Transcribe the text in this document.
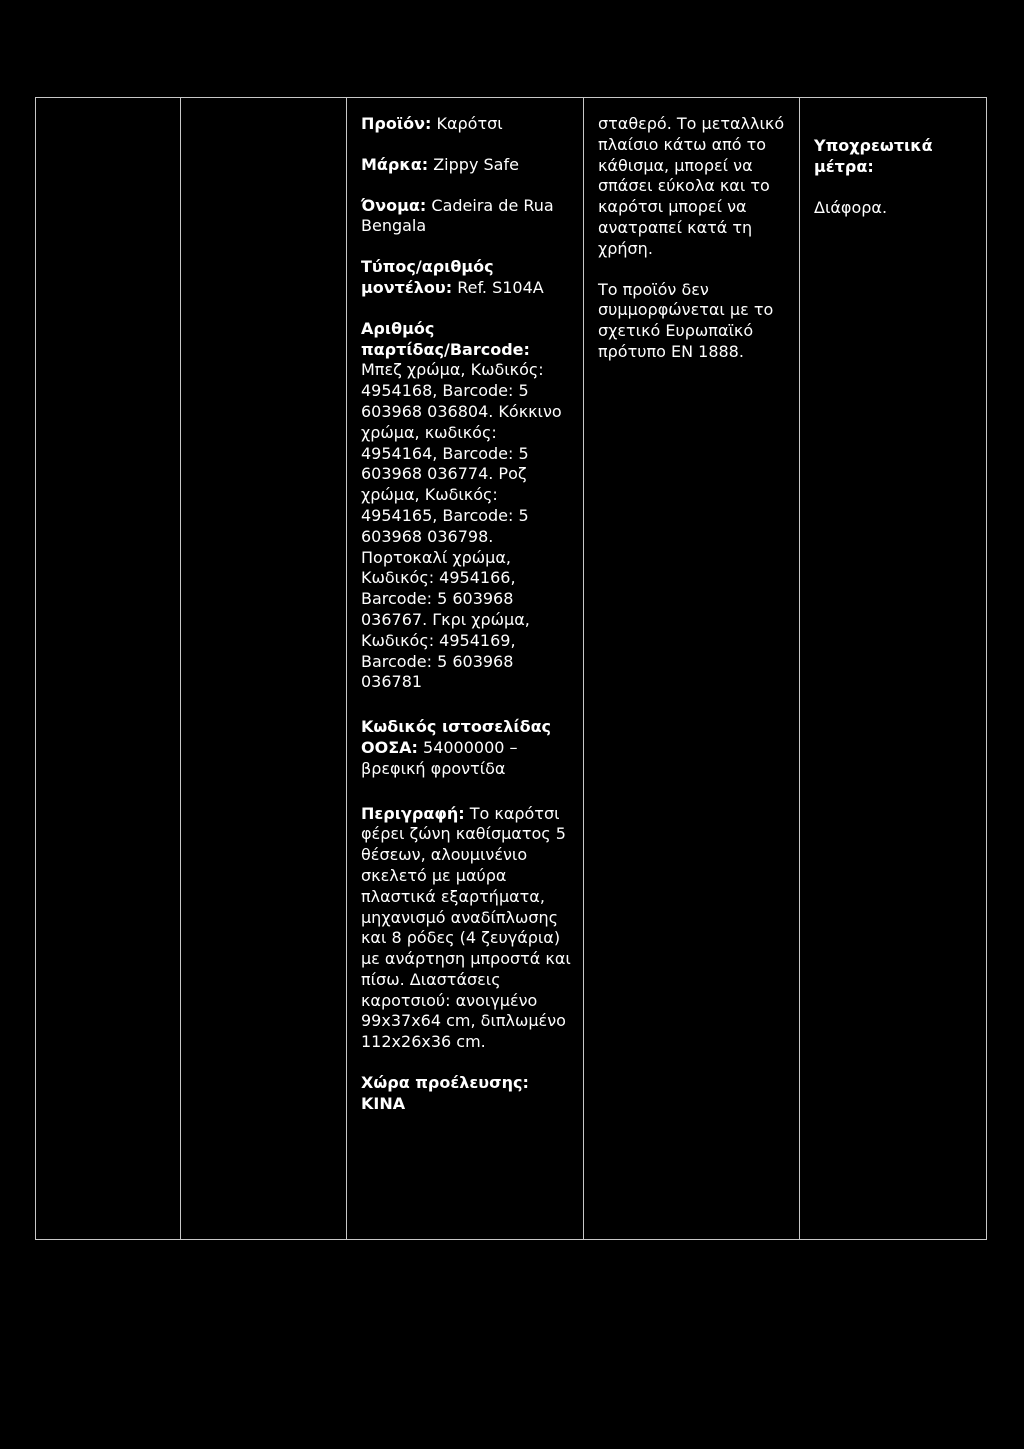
Προϊόν: Καρότσι

Μάρκα: Zippy Safe

Όνομα: Cadeira de Rua Bengala

Τύπος/αριθμός μοντέλου: Ref. S104A

Αριθμός παρτίδας/Barcode: Μπεζ χρώμα, Κωδικός: 4954168, Barcode: 5 603968 036804. Κόκκινο χρώμα, κωδικός: 4954164, Barcode: 5 603968 036774. Ροζ χρώμα, Κωδικός: 4954165, Barcode: 5 603968 036798. Πορτοκαλί χρώμα, Κωδικός: 4954166, Barcode: 5 603968 036767. Γκρι χρώμα, Κωδικός: 4954169, Barcode: 5 603968 036781

Κωδικός ιστοσελίδας ΟΟΣΑ: 54000000 – βρεφική φροντίδα

Περιγραφή: Το καρότσι φέρει ζώνη καθίσματος 5 θέσεων, αλουμινένιο σκελετό με μαύρα πλαστικά εξαρτήματα, μηχανισμό αναδίπλωσης και 8 ρόδες (4 ζευγάρια) με ανάρτηση μπροστά και πίσω. Διαστάσεις καροτσιού: ανοιγμένο 99x37x64 cm, διπλωμένο 112x26x36 cm.

Χώρα προέλευσης: ΚΙΝΑ

σταθερό. Το μεταλλικό πλαίσιο κάτω από το κάθισμα, μπορεί να σπάσει εύκολα και το καρότσι μπορεί να ανατραπεί κατά τη χρήση.

Το προϊόν δεν συμμορφώνεται με το σχετικό Ευρωπαϊκό πρότυπο EN 1888.

Υποχρεωτικά μέτρα:

Διάφορα.
